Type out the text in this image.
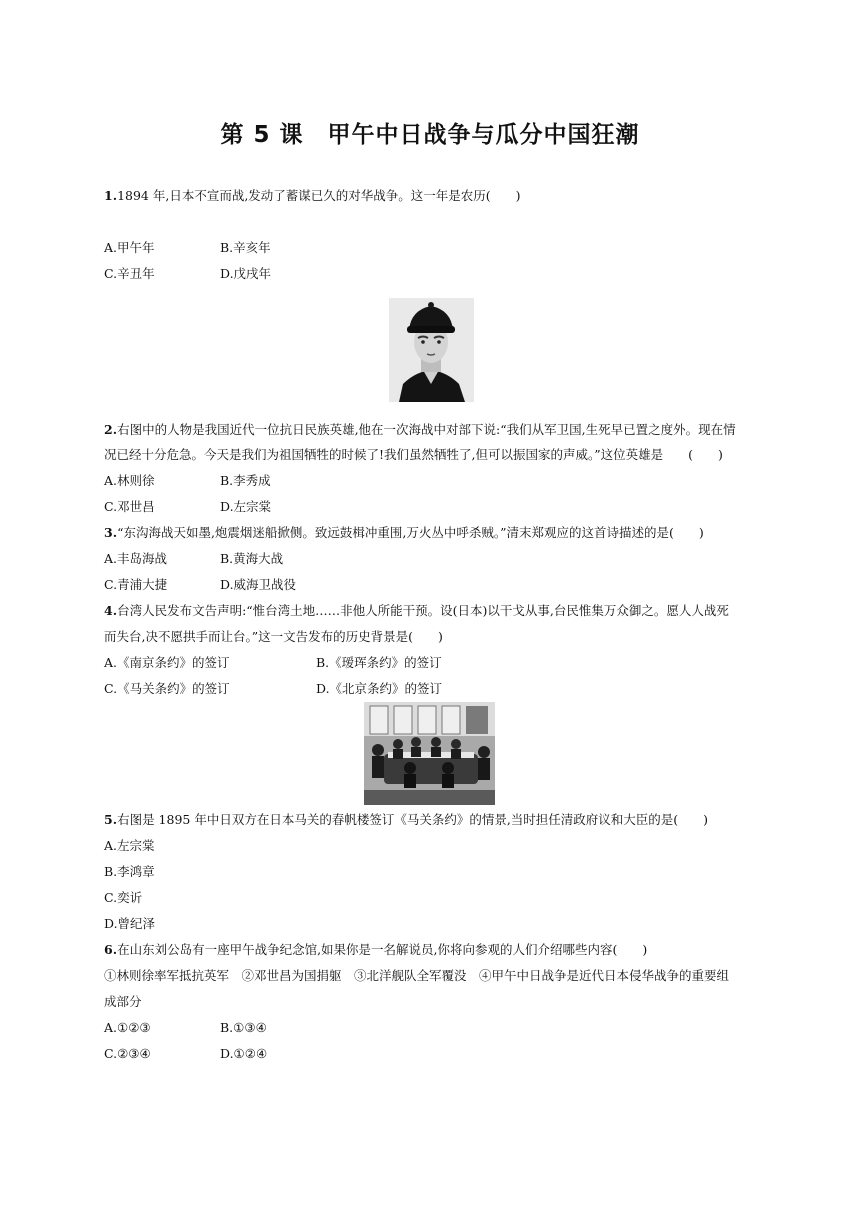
第 5 课　甲午中日战争与瓜分中国狂潮
1.1894 年,日本不宣而战,发动了蓄谋已久的对华战争。这一年是农历(　　)
A.甲午年	B.辛亥年
C.辛丑年	D.戊戌年
2.右图中的人物是我国近代一位抗日民族英雄,他在一次海战中对部下说:“我们从军卫国,生死早已置之度外。现在情
况已经十分危急。今天是我们为祖国牺牲的时候了!我们虽然牺牲了,但可以振国家的声威。”这位英雄是　　(　　)
A.林则徐	B.李秀成
C.邓世昌	D.左宗棠
3.“东沟海战天如墨,炮震烟迷船掀侧。致远鼓楫冲重围,万火丛中呼杀贼。”清末郑观应的这首诗描述的是(　　)
A.丰岛海战	B.黄海大战
C.青浦大捷	D.威海卫战役
4.台湾人民发布文告声明:“惟台湾土地……非他人所能干预。设(日本)以干戈从事,台民惟集万众御之。愿人人战死
而失台,决不愿拱手而让台。”这一文告发布的历史背景是(　　)
A.《南京条约》的签订	B.《瑷珲条约》的签订
C.《马关条约》的签订	D.《北京条约》的签订
5.右图是 1895 年中日双方在日本马关的春帆楼签订《马关条约》的情景,当时担任清政府议和大臣的是(　　)
A.左宗棠
B.李鸿章
C.奕䜣
D.曾纪泽
6.在山东刘公岛有一座甲午战争纪念馆,如果你是一名解说员,你将向参观的人们介绍哪些内容(　　)
①林则徐率军抵抗英军　②邓世昌为国捐躯　③北洋舰队全军覆没　④甲午中日战争是近代日本侵华战争的重要组
成部分
A.①②③	B.①③④
C.②③④	D.①②④
